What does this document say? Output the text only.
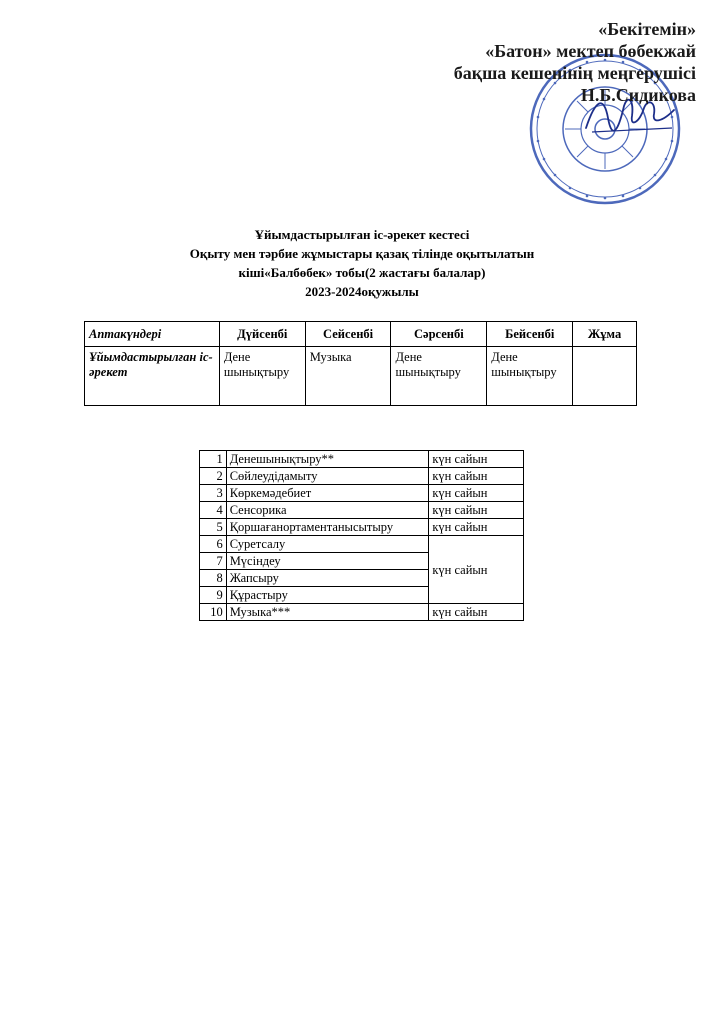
«Бекітемін»
«Батон» мектеп бөбекжай
бақша кешенінің меңгерушісі
Н.Б.Сидикова
Ұйымдастырылған іс-әрекет кестесі
Оқыту мен тәрбие жұмыстары қазақ тілінде оқытылатын
кіші«Балбөбек» тобы(2 жастағы балалар)
2023-2024оқужылы
Аптакүндері	Дүйсенбі	Сейсенбі	Сәрсенбі	Бейсенбі	Жұма
Ұйымдастырылған іс-әрекет	Дене шынықтыру	Музыка	Дене шынықтыру	Дене шынықтыру	
1	Денешынықтыру**	күн сайын
2	Сөйлеудідамыту	күн сайын
3	Көркемәдебиет	күн сайын
4	Сенсорика	күн сайын
5	Қоршағанортаментанысытыру	күн сайын
6	Суретсалу	күн сайын
7	Мүсіндеу	
8	Жапсыру	
9	Құрастыру	
10	Музыка***	күн сайын
